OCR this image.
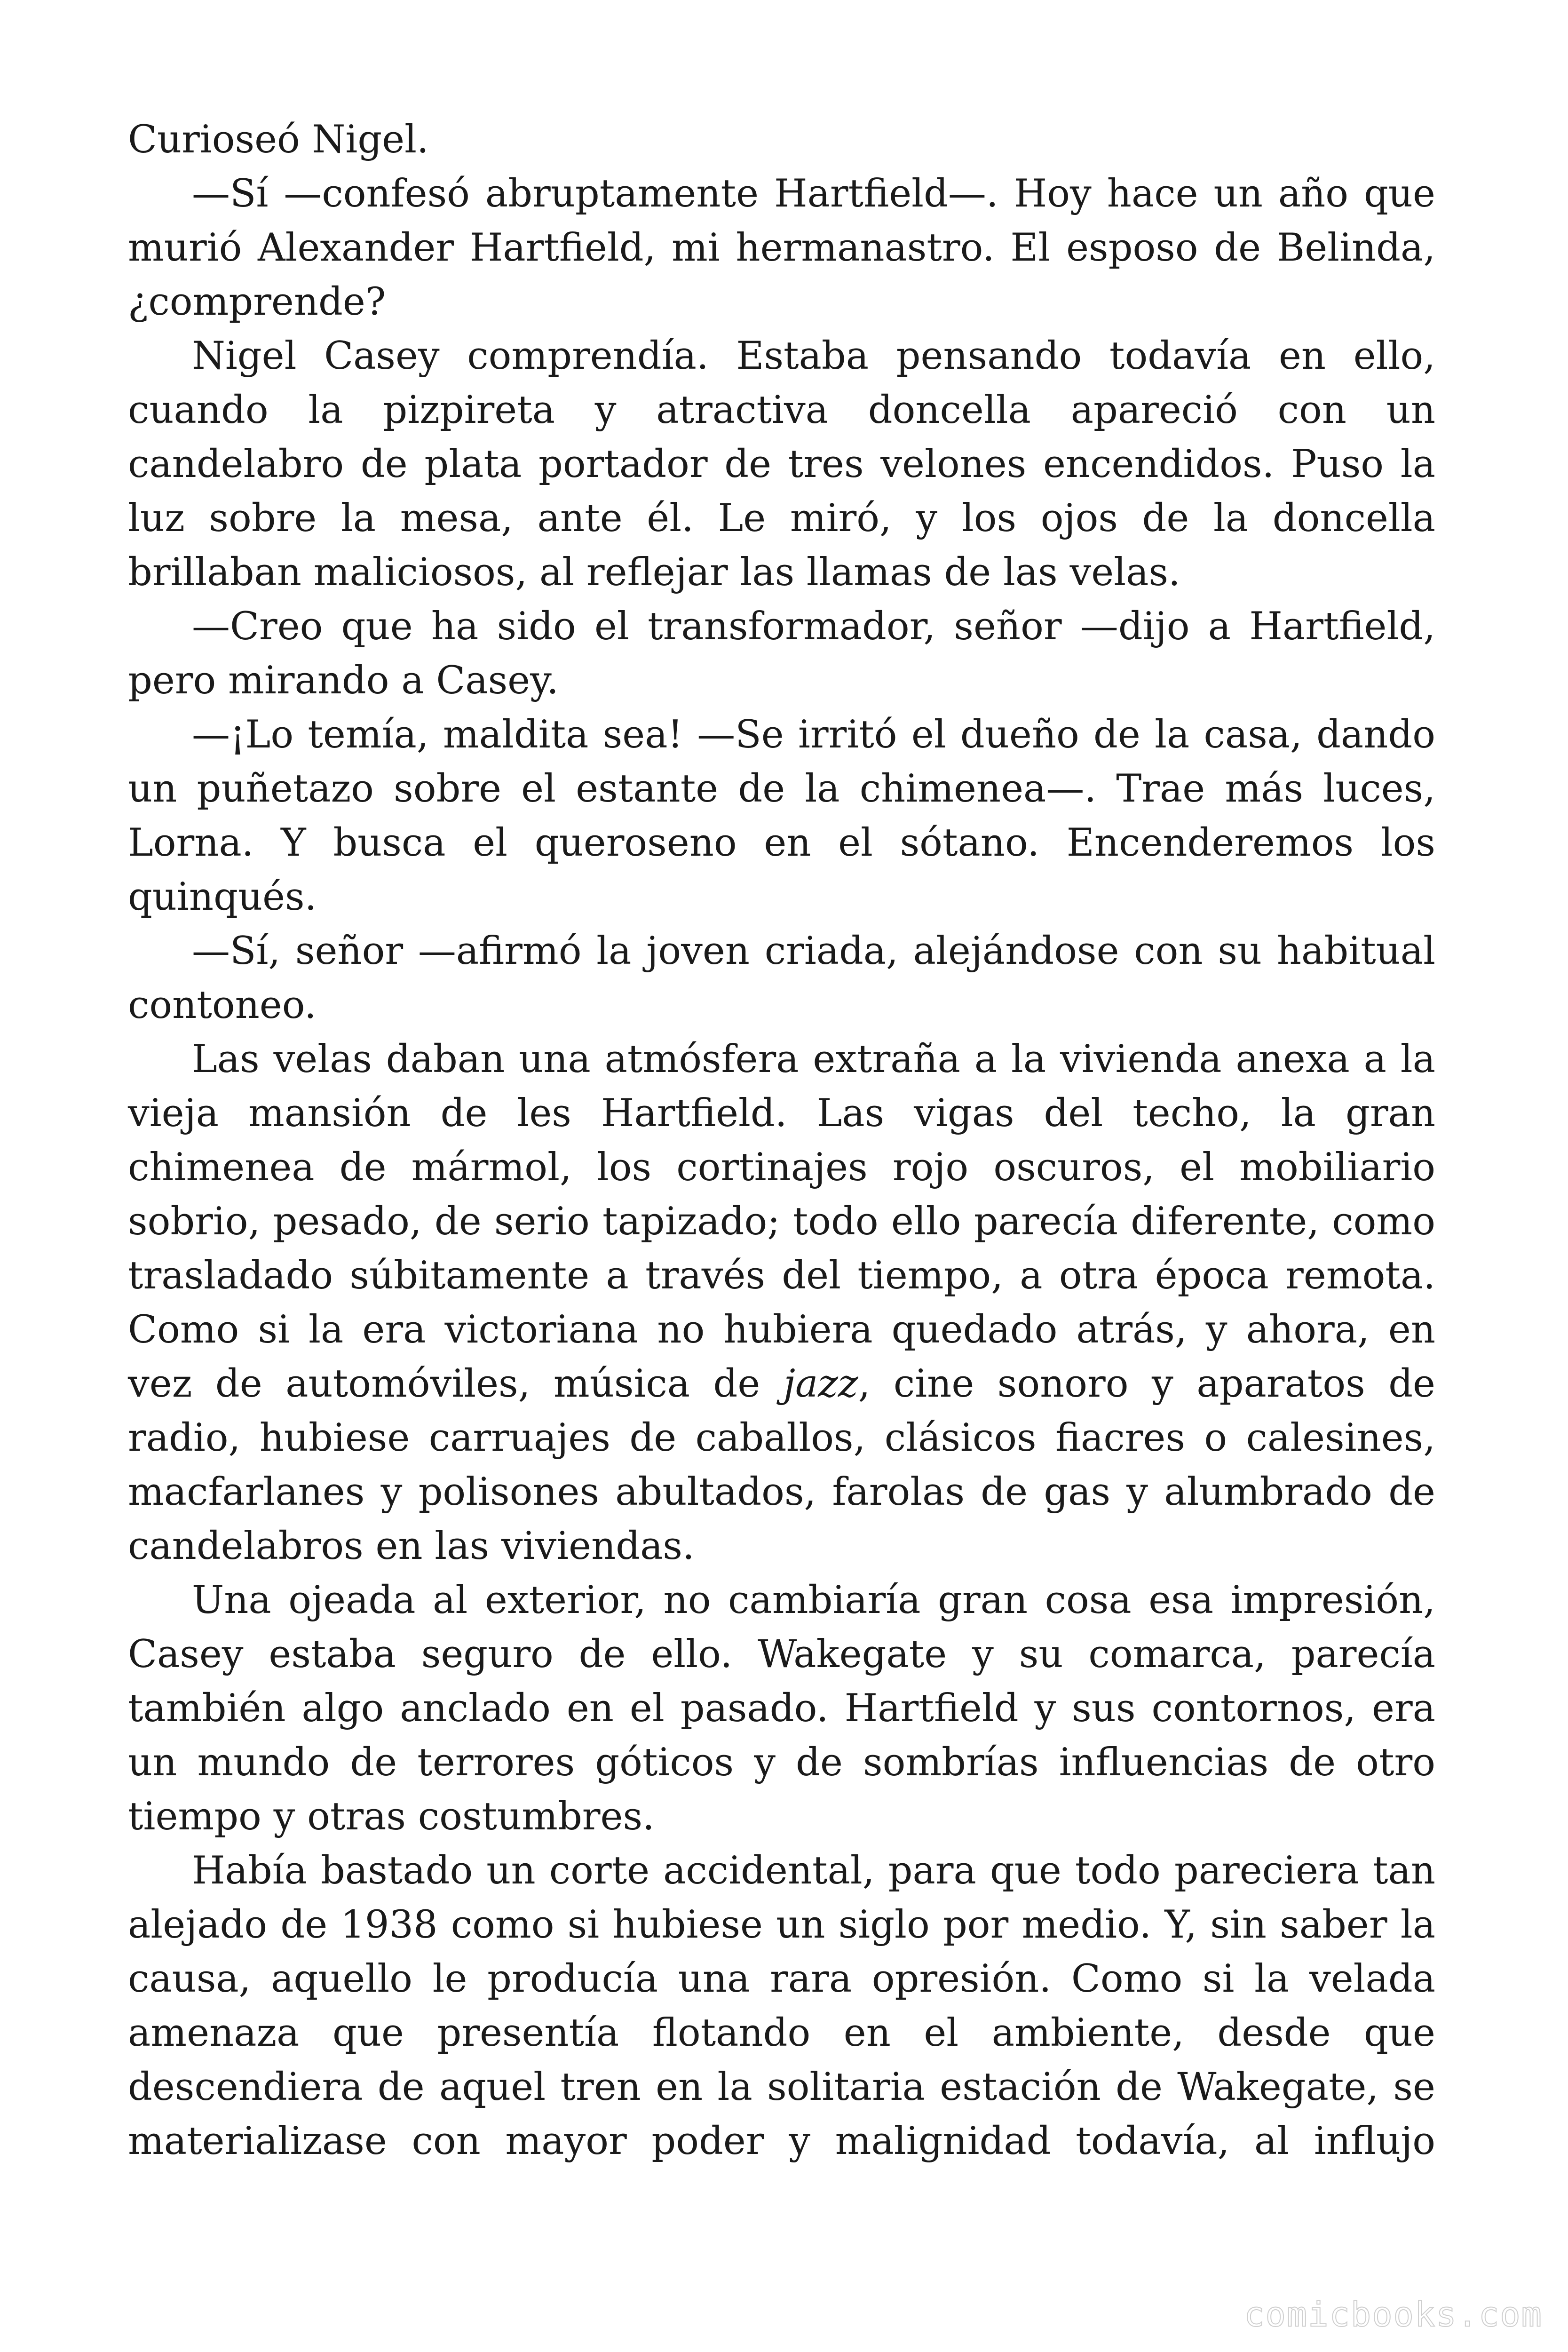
Curioseó Nigel.

—Sí —confesó abruptamente Hartfield—. Hoy hace un año que murió Alexander Hartfield, mi hermanastro. El esposo de Belinda, ¿comprende?

Nigel Casey comprendía. Estaba pensando todavía en ello, cuando la pizpireta y atractiva doncella apareció con un candelabro de plata portador de tres velones encendidos. Puso la luz sobre la mesa, ante él. Le miró, y los ojos de la doncella brillaban maliciosos, al reflejar las llamas de las velas.

—Creo que ha sido el transformador, señor —dijo a Hartfield, pero mirando a Casey.

—¡Lo temía, maldita sea! —Se irritó el dueño de la casa, dando un puñetazo sobre el estante de la chimenea—. Trae más luces, Lorna. Y busca el queroseno en el sótano. Encenderemos los quinqués.

—Sí, señor —afirmó la joven criada, alejándose con su habitual contoneo.

Las velas daban una atmósfera extraña a la vivienda anexa a la vieja mansión de les Hartfield. Las vigas del techo, la gran chimenea de mármol, los cortinajes rojo oscuros, el mobiliario sobrio, pesado, de serio tapizado; todo ello parecía diferente, como trasladado súbitamente a través del tiempo, a otra época remota. Como si la era victoriana no hubiera quedado atrás, y ahora, en vez de automóviles, música de jazz, cine sonoro y aparatos de radio, hubiese carruajes de caballos, clásicos fiacres o calesines, macfarlanes y polisones abultados, farolas de gas y alumbrado de candelabros en las viviendas.

Una ojeada al exterior, no cambiaría gran cosa esa impresión, Casey estaba seguro de ello. Wakegate y su comarca, parecía también algo anclado en el pasado. Hartfield y sus contornos, era un mundo de terrores góticos y de sombrías influencias de otro tiempo y otras costumbres.

Había bastado un corte accidental, para que todo pareciera tan alejado de 1938 como si hubiese un siglo por medio. Y, sin saber la causa, aquello le producía una rara opresión. Como si la velada amenaza que presentía flotando en el ambiente, desde que descendiera de aquel tren en la solitaria estación de Wakegate, se materializase con mayor poder y malignidad todavía, al influjo

comicbooks.com
